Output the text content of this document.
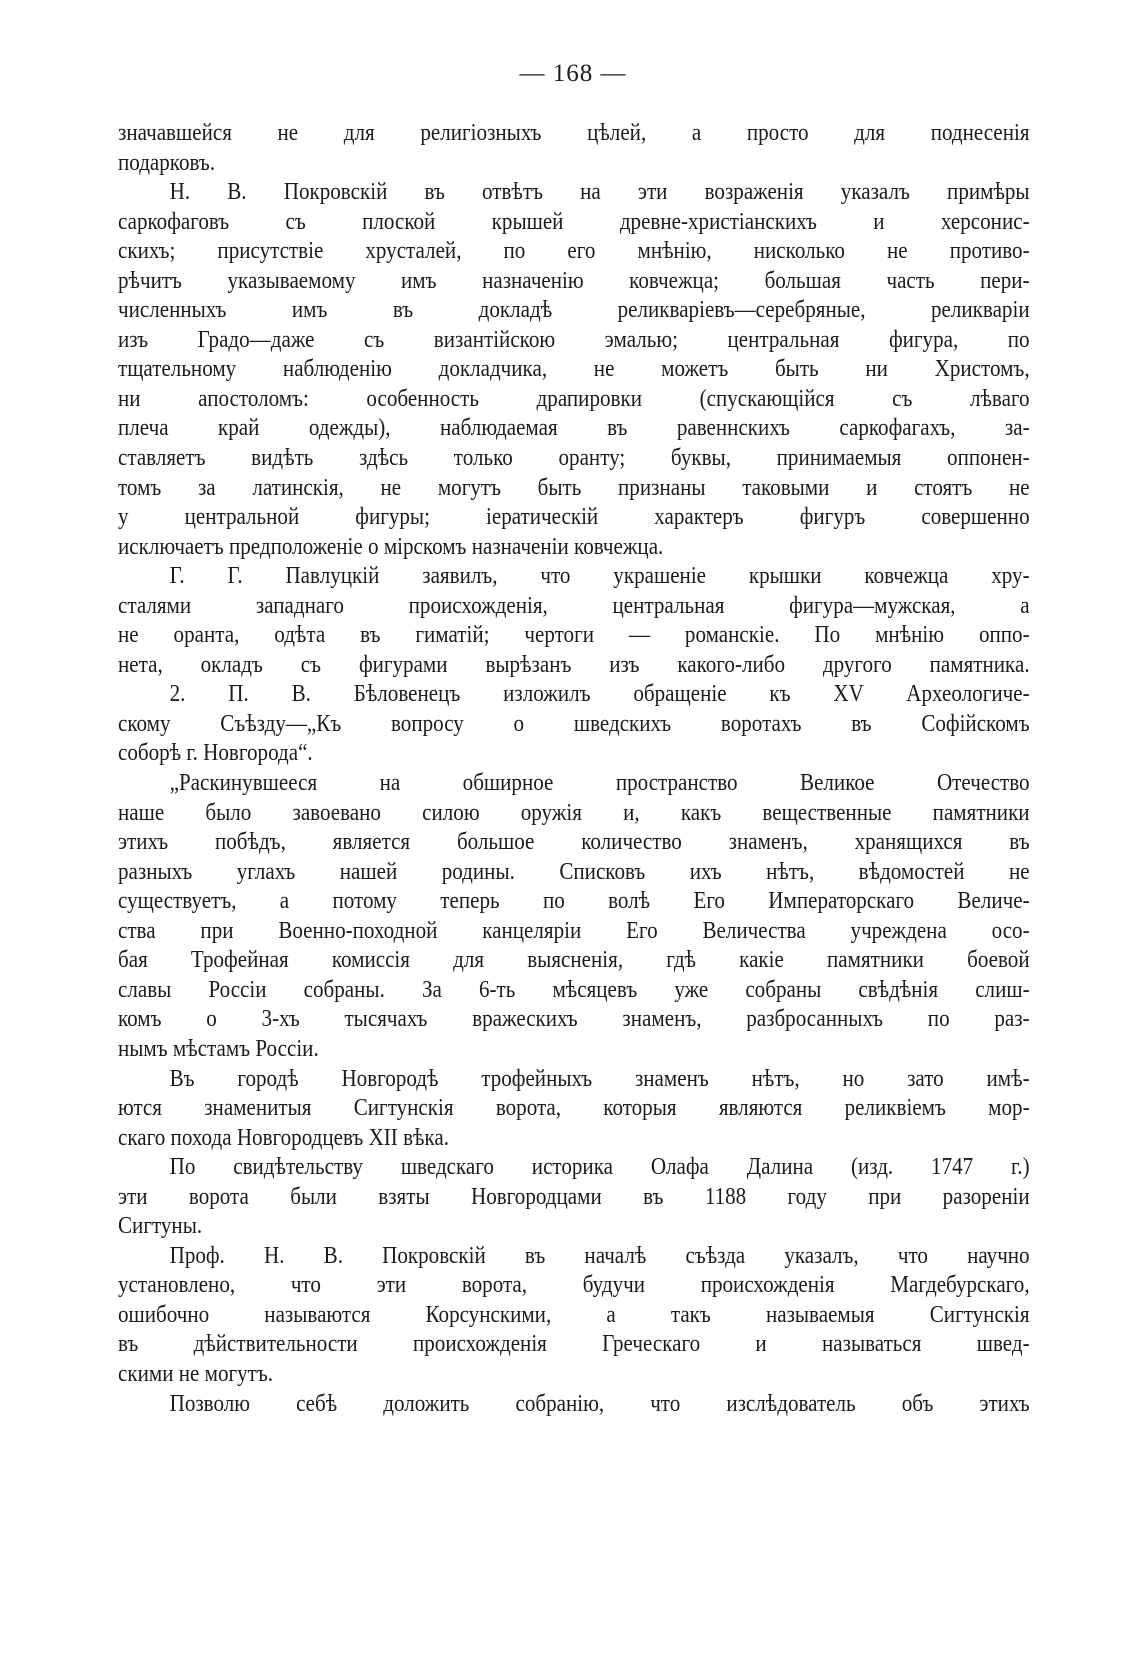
— 168 —
значавшейся не для религіозныхъ цѣлей, а просто для поднесенія
подарковъ.
Н. В. Покровскій въ отвѣтъ на эти возраженія указалъ примѣры
саркофаговъ съ плоской крышей древне-христіанскихъ и херсонис-
скихъ; присутствіе хрусталей, по его мнѣнію, нисколько не противо-
рѣчитъ указываемому имъ назначенію ковчежца; большая часть пери-
численныхъ имъ въ докладѣ реликваріевъ—серебряные, реликваріи
изъ Градо—даже съ византійскою эмалью; центральная фигура, по
тщательному наблюденію докладчика, не можетъ быть ни Христомъ,
ни апостоломъ: особенность драпировки (спускающійся съ лѣваго
плеча край одежды), наблюдаемая въ равеннскихъ саркофагахъ, за-
ставляетъ видѣть здѣсь только оранту; буквы, принимаемыя оппонен-
томъ за латинскія, не могутъ быть признаны таковыми и стоятъ не
у центральной фигуры; іератическій характеръ фигуръ совершенно
исключаетъ предположеніе о мірскомъ назначеніи ковчежца.
Г. Г. Павлуцкій заявилъ, что украшеніе крышки ковчежца хру-
сталями западнаго происхожденія, центральная фигура—мужская, а
не оранта, одѣта въ гиматій; чертоги — романскіе. По мнѣнію оппо-
нета, окладъ съ фигурами вырѣзанъ изъ какого-либо другого памятника.
2. П. В. Бѣловенецъ изложилъ обращеніе къ XV Археологиче-
скому Съѣзду—„Къ вопросу о шведскихъ воротахъ въ Софійскомъ
соборѣ г. Новгорода“.
„Раскинувшееся на обширное пространство Великое Отечество
наше было завоевано силою оружія и, какъ вещественные памятники
этихъ побѣдъ, является большое количество знаменъ, хранящихся въ
разныхъ углахъ нашей родины. Списковъ ихъ нѣтъ, вѣдомостей не
существуетъ, а потому теперь по волѣ Его Императорскаго Величе-
ства при Военно-походной канцеляріи Его Величества учреждена осо-
бая Трофейная комиссія для выясненія, гдѣ какіе памятники боевой
славы Россіи собраны. За 6-ть мѣсяцевъ уже собраны свѣдѣнія слиш-
комъ о 3-хъ тысячахъ вражескихъ знаменъ, разбросанныхъ по раз-
нымъ мѣстамъ Россіи.
Въ городѣ Новгородѣ трофейныхъ знаменъ нѣтъ, но зато имѣ-
ются знаменитыя Сигтунскія ворота, которыя являются реликвіемъ мор-
скаго похода Новгородцевъ XII вѣка.
По свидѣтельству шведскаго историка Олафа Далина (изд. 1747 г.)
эти ворота были взяты Новгородцами въ 1188 году при разореніи
Сигтуны.
Проф. Н. В. Покровскій въ началѣ съѣзда указалъ, что научно
установлено, что эти ворота, будучи происхожденія Магдебурскаго,
ошибочно называются Корсунскими, а такъ называемыя Сигтунскія
въ дѣйствительности происхожденія Греческаго и называться швед-
скими не могутъ.
Позволю себѣ доложить собранію, что изслѣдователь объ этихъ
